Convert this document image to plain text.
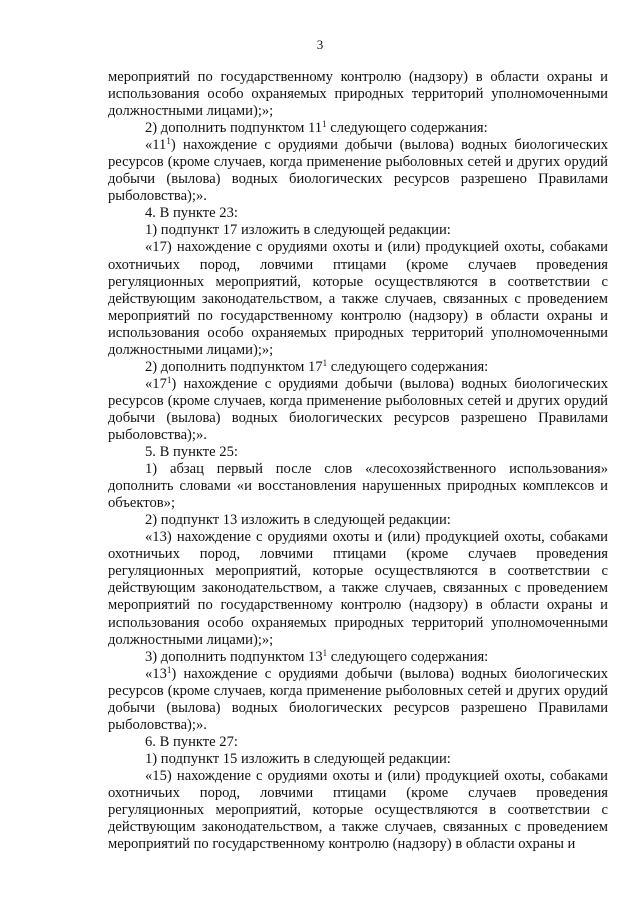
3

мероприятий по государственному контролю (надзору) в области охраны и использования особо охраняемых природных территорий уполномоченными должностными лицами);»;

2) дополнить подпунктом $11^1$ следующего содержания:

«$11^1$) нахождение с орудиями добычи (вылова) водных биологических ресурсов (кроме случаев, когда применение рыболовных сетей и других орудий добычи (вылова) водных биологических ресурсов разрешено Правилами рыболовства);».

4. В пункте 23:

1) подпункт 17 изложить в следующей редакции:

«17) нахождение с орудиями охоты и (или) продукцией охоты, собаками охотничьих пород, ловчими птицами (кроме случаев проведения регуляционных мероприятий, которые осуществляются в соответствии с действующим законодательством, а также случаев, связанных с проведением мероприятий по государственному контролю (надзору) в области охраны и использования особо охраняемых природных территорий уполномоченными должностными лицами);»;

2) дополнить подпунктом $17^1$ следующего содержания:

«$17^1$) нахождение с орудиями добычи (вылова) водных биологических ресурсов (кроме случаев, когда применение рыболовных сетей и других орудий добычи (вылова) водных биологических ресурсов разрешено Правилами рыболовства);».

5. В пункте 25:

1) абзац первый после слов «лесохозяйственного использования» дополнить словами «и восстановления нарушенных природных комплексов и объектов»;

2) подпункт 13 изложить в следующей редакции:

«13) нахождение с орудиями охоты и (или) продукцией охоты, собаками охотничьих пород, ловчими птицами (кроме случаев проведения регуляционных мероприятий, которые осуществляются в соответствии с действующим законодательством, а также случаев, связанных с проведением мероприятий по государственному контролю (надзору) в области охраны и использования особо охраняемых природных территорий уполномоченными должностными лицами);»;

3) дополнить подпунктом $13^1$ следующего содержания:

«$13^1$) нахождение с орудиями добычи (вылова) водных биологических ресурсов (кроме случаев, когда применение рыболовных сетей и других орудий добычи (вылова) водных биологических ресурсов разрешено Правилами рыболовства);».

6. В пункте 27:

1) подпункт 15 изложить в следующей редакции:

«15) нахождение с орудиями охоты и (или) продукцией охоты, собаками охотничьих пород, ловчими птицами (кроме случаев проведения регуляционных мероприятий, которые осуществляются в соответствии с действующим законодательством, а также случаев, связанных с проведением мероприятий по государственному контролю (надзору) в области охраны и
